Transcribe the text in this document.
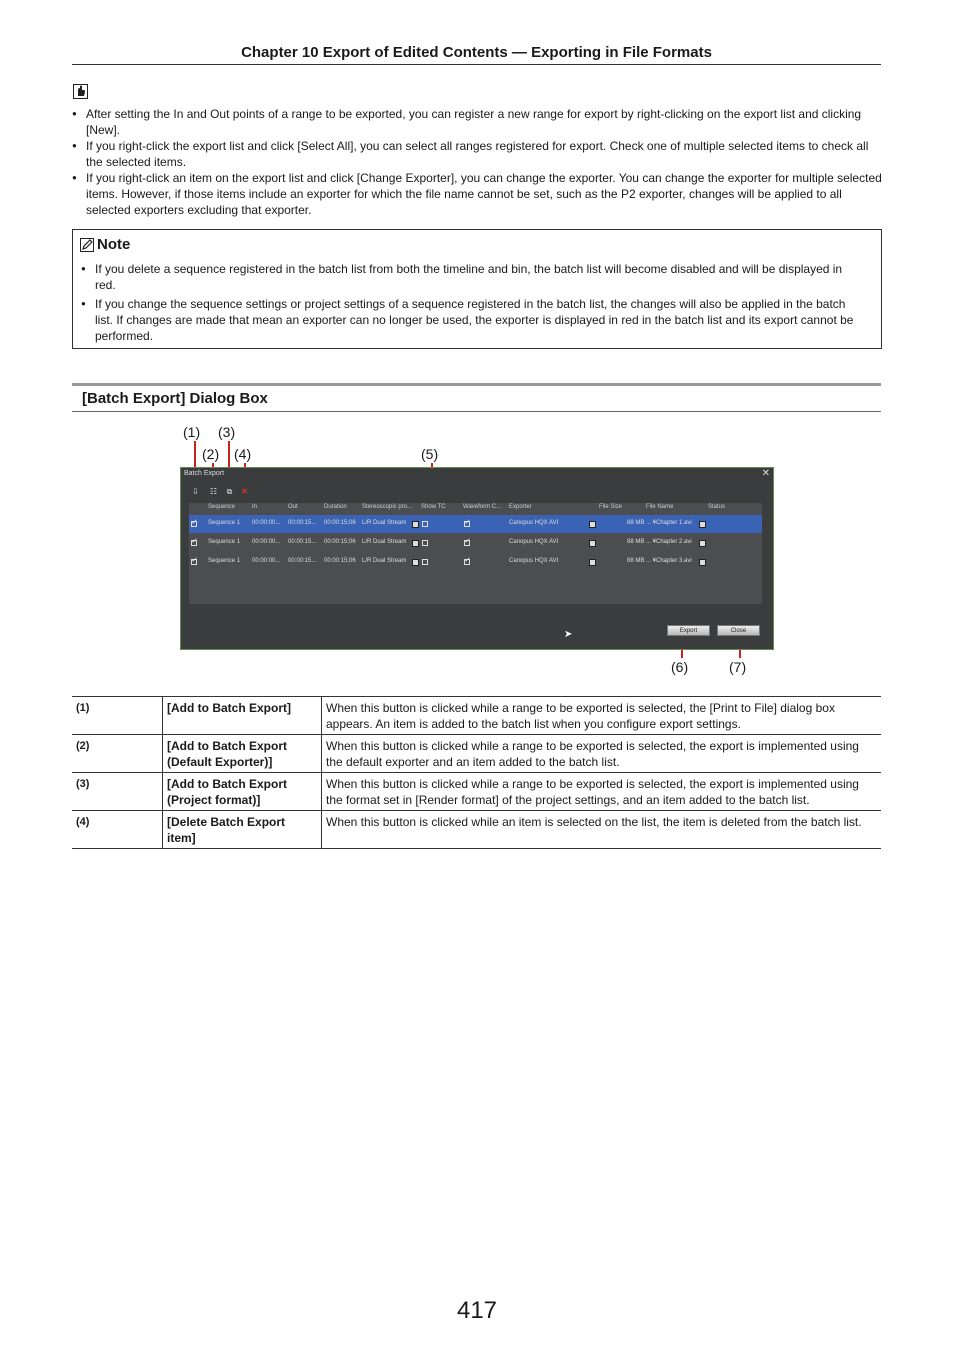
Chapter 10 Export of Edited Contents — Exporting in File Formats
● After setting the In and Out points of a range to be exported, you can register a new range for export by right-clicking on the export list and clicking [New].
● If you right-click the export list and click [Select All], you can select all ranges registered for export. Check one of multiple selected items to check all the selected items.
● If you right-click an item on the export list and click [Change Exporter], you can change the exporter. You can change the exporter for multiple selected items. However, if those items include an exporter for which the file name cannot be set, such as the P2 exporter, changes will be applied to all selected exporters excluding that exporter.
Note
● If you delete a sequence registered in the batch list from both the timeline and bin, the batch list will become disabled and will be displayed in red.
● If you change the sequence settings or project settings of a sequence registered in the batch list, the changes will also be applied in the batch list. If changes are made that mean an exporter can no longer be used, the exporter is displayed in red in the batch list and its export cannot be performed.
[Batch Export] Dialog Box
(1) (3)
(2) (4)	(5)
(6)	(7)
Batch Export	✕
⇩ ☷ ⧉ ✕
Sequence	In	Out	Duration	Stereoscopic pro... Show TC	Waveform C... Exporter	File Size	File Name	Status
✓
Sequence 1 00:00:00... 00:00:15... 00:00:15;06 L/R Dual Stream ✓	Canopus HQX AVI	88 MB ... ¥Chapter 1.avi
✓
Sequence 1 00:00:00... 00:00:15... 00:00:15;06 L/R Dual Stream ✓	Canopus HQX AVI	88 MB ... ¥Chapter 2.avi
✓
Sequence 1 00:00:00... 00:00:15... 00:00:15;06 L/R Dual Stream ✓	Canopus HQX AVI	88 MB ... ¥Chapter 3.avi
Export	Close
➤
(1)	[Add to Batch Export]	When this button is clicked while a range to be exported is selected, the [Print to File] dialog box appears. An item is added to the batch list when you configure export settings.
(2)	[Add to Batch Export (Default Exporter)]	When this button is clicked while a range to be exported is selected, the export is implemented using the default exporter and an item added to the batch list.
(3)	[Add to Batch Export (Project format)]	When this button is clicked while a range to be exported is selected, the export is implemented using the format set in [Render format] of the project settings, and an item added to the batch list.
(4)	[Delete Batch Export item]	When this button is clicked while an item is selected on the list, the item is deleted from the batch list.
417
